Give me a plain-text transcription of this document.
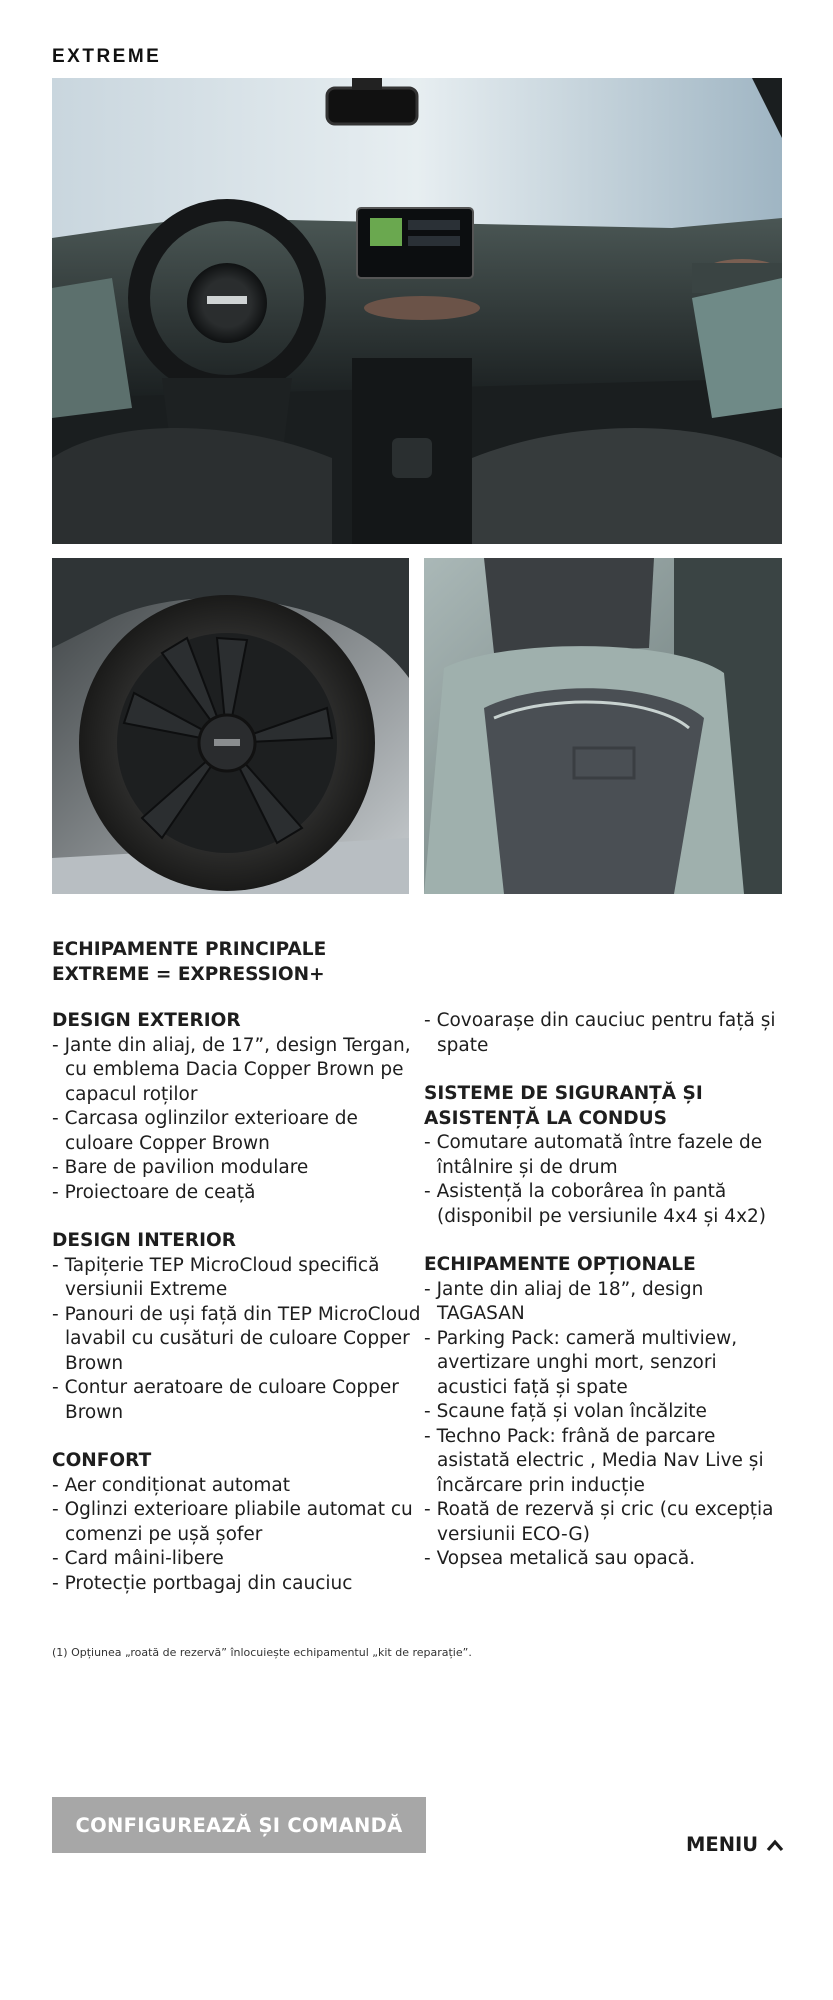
EXTREME
ECHIPAMENTE PRINCIPALE
EXTREME = EXPRESSION+
DESIGN EXTERIOR
- Jante din aliaj, de 17”, design Tergan, cu emblema Dacia Copper Brown pe capacul roților
- Carcasa oglinzilor exterioare de culoare Copper Brown
- Bare de pavilion modulare
- Proiectoare de ceață
DESIGN INTERIOR
- Tapițerie TEP MicroCloud specifică versiunii Extreme
- Panouri de uși față din TEP MicroCloud lavabil cu cusături de culoare Copper Brown
- Contur aeratoare de culoare Copper Brown
CONFORT
- Aer condiționat automat
- Oglinzi exterioare pliabile automat cu comenzi pe ușă șofer
- Card mâini-libere
- Protecție portbagaj din cauciuc
- Covoarașe din cauciuc pentru față și spate
SISTEME DE SIGURANȚĂ ȘI
ASISTENȚĂ LA CONDUS
- Comutare automată între fazele de întâlnire și de drum
- Asistență la coborârea în pantă (disponibil pe versiunile 4x4 și 4x2)
ECHIPAMENTE OPȚIONALE
- Jante din aliaj de 18”, design TAGASAN
- Parking Pack: cameră multiview, avertizare unghi mort, senzori acustici față și spate
- Scaune față și volan încălzite
- Techno Pack: frână de parcare asistată electric , Media Nav Live și încărcare prin inducție
- Roată de rezervă și cric (cu excepția versiunii ECO-G)
- Vopsea metalică sau opacă.
(1) Opțiunea „roată de rezervă” înlocuiește echipamentul „kit de reparație”.
CONFIGUREAZĂ ȘI COMANDĂ
MENIU
